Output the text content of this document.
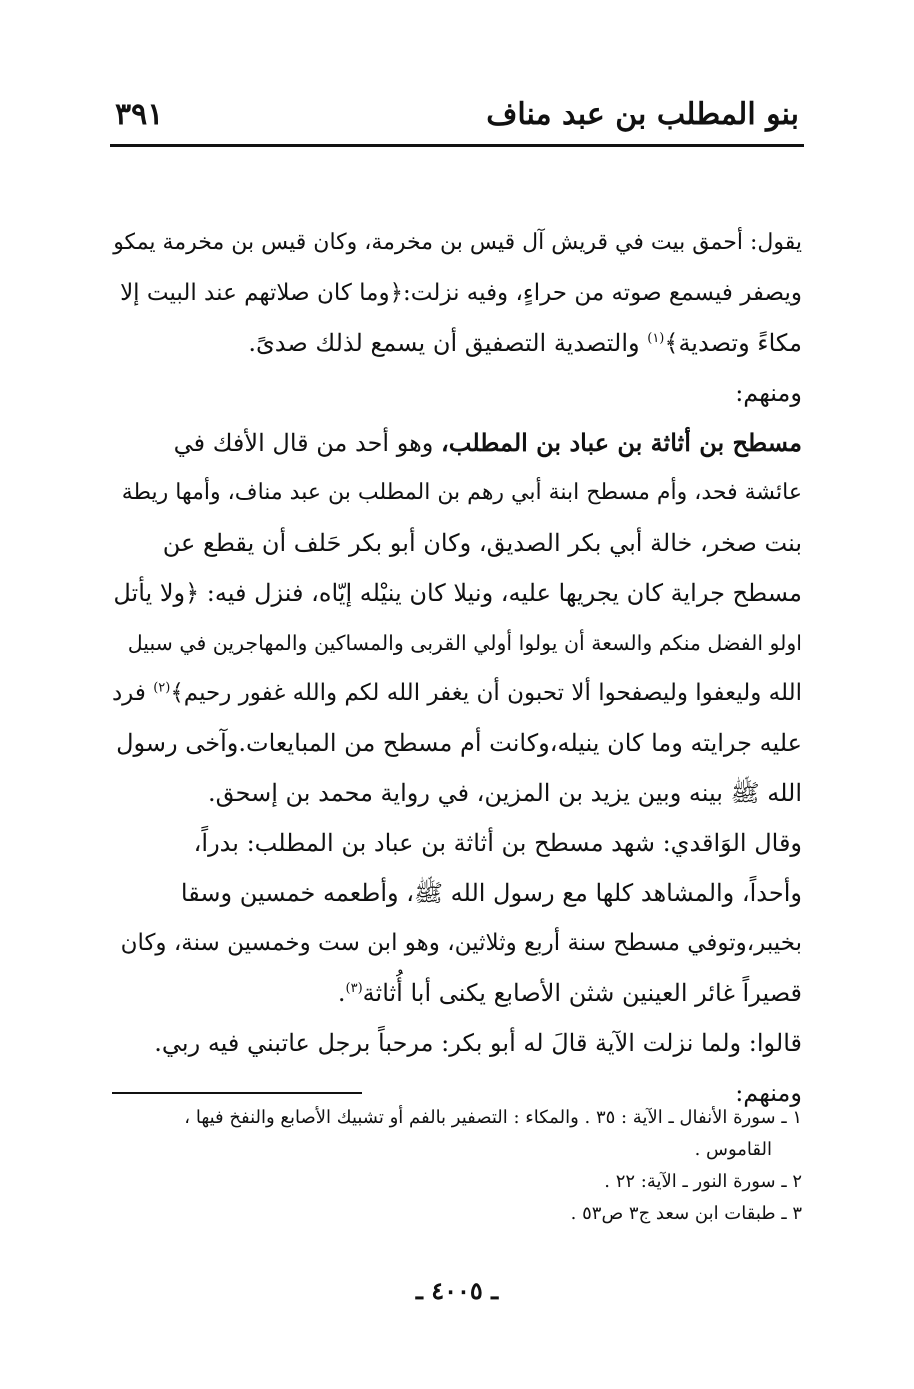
بنو المطلب بن عبد مناف
٣٩١

يقول: أحمق بيت في قريش آل قيس بن مخرمة، وكان قيس بن مخرمة يمكو
ويصفر فيسمع صوته من حراءٍ، وفيه نزلت:﴿وما كان صلاتهم عند البيت إلا
مكاءً وتصدية﴾$^{(١)}$ والتصدية التصفيق أن يسمع لذلك صدىً.

ومنهم:

مسطح بن أثاثة بن عباد بن المطلب، وهو أحد من قال الأفك في
عائشة فحد، وأم مسطح ابنة أبي رهم بن المطلب بن عبد مناف، وأمها ريطة
بنت صخر، خالة أبي بكر الصديق، وكان أبو بكر حَلف أن يقطع عن
مسطح جراية كان يجريها عليه، ونيلا كان ينيْله إيّاه، فنزل فيه: ﴿ولا يأتل
اولو الفضل منكم والسعة أن يولوا أولي القربى والمساكين والمهاجرين في سبيل
الله وليعفوا وليصفحوا ألا تحبون أن يغفر الله لكم والله غفور رحيم﴾$^{(٢)}$ فرد
عليه جرايته وما كان ينيله،وكانت أم مسطح من المبايعات.وآخى رسول
الله ﷺ بينه وبين يزيد بن المزين، في رواية محمد بن إسحق.

وقال الوَاقدي: شهد مسطح بن أثاثة بن عباد بن المطلب: بدراً،
وأحداً، والمشاهد كلها مع رسول الله ﷺ، وأطعمه خمسين وسقا
بخيبر،وتوفي مسطح سنة أربع وثلاثين، وهو ابن ست وخمسين سنة، وكان
قصيراً غائر العينين شثن الأصابع يكنى أبا أُثاثة$^{(٣)}$.

قالوا: ولما نزلت الآية قالَ له أبو بكر: مرحباً برجل عاتبني فيه ربي.

ومنهم:

١ ـ سورة الأنفال ـ الآية : ٣٥ . والمكاء : التصفير بالفم أو تشبيك الأصابع والنفخ فيها ،

القاموس .

٢ ـ سورة النور ـ الآية: ٢٢ .

٣ ـ طبقات ابن سعد ج٣ ص٥٣ .

ـ ٤٠٠٥ ـ
